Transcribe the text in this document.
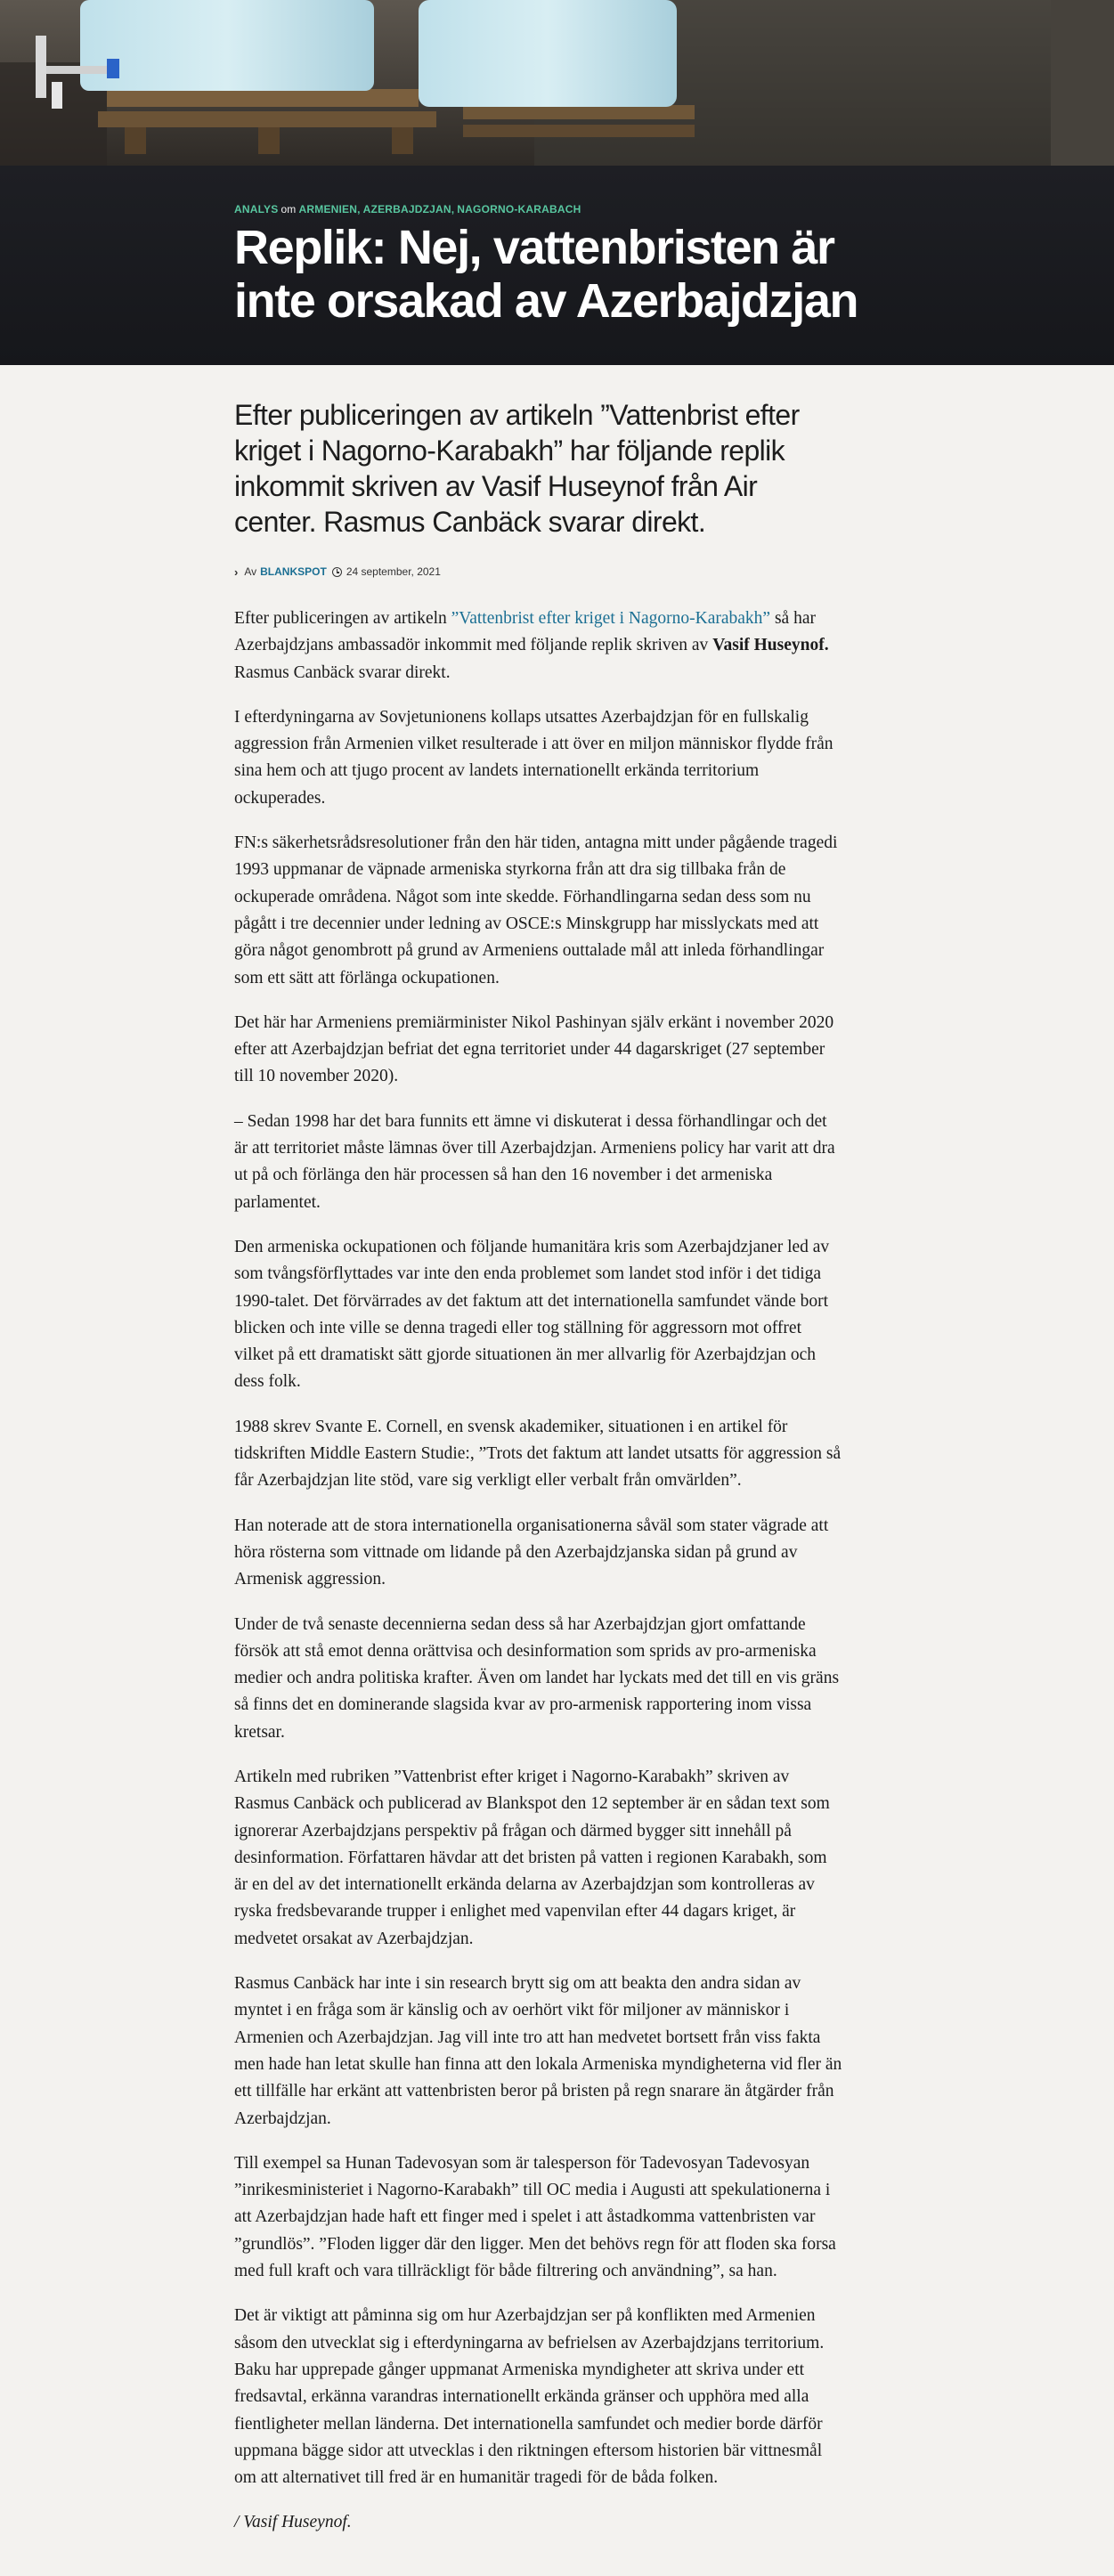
ANALYS om ARMENIEN, AZERBAJDZJAN, NAGORNO-KARABACH
Replik: Nej, vattenbristen är inte orsakad av Azerbajdzjan

Efter publiceringen av artikeln ”Vattenbrist efter kriget i Nagorno-Karabakh” har följande replik inkommit skriven av Vasif Huseynof från Air center. Rasmus Canbäck svarar direkt.

› Av BLANKSPOT 24 september, 2021

Efter publiceringen av artikeln ”Vattenbrist efter kriget i Nagorno-Karabakh” så har Azerbajdzjans ambassadör inkommit med följande replik skriven av Vasif Huseynof.  Rasmus Canbäck svarar direkt.

I efterdyningarna av Sovjetunionens kollaps utsattes Azerbajdzjan för en fullskalig aggression från Armenien vilket resulterade i att över en miljon människor flydde från sina hem och att tjugo procent av landets internationellt erkända territorium ockuperades.

FN:s säkerhetsrådsresolutioner från den här tiden, antagna mitt under pågående tragedi 1993 uppmanar de väpnade armeniska styrkorna från att dra sig tillbaka från de ockuperade områdena. Något som inte skedde. Förhandlingarna sedan dess som nu pågått i tre decennier under ledning av OSCE:s Minskgrupp har misslyckats med att göra något genombrott på grund av Armeniens outtalade mål att inleda förhandlingar som ett sätt att förlänga ockupationen.

Det här har Armeniens premiärminister Nikol Pashinyan själv erkänt i november 2020 efter att Azerbajdzjan befriat det egna territoriet under 44 dagarskriget (27 september till 10 november 2020).

– Sedan 1998 har det bara funnits ett ämne vi diskuterat i dessa förhandlingar och det är att territoriet måste lämnas över till Azerbajdzjan. Armeniens policy har varit att dra ut på och förlänga den här processen så han den 16 november i det armeniska parlamentet.

Den armeniska ockupationen och följande humanitära kris som Azerbajdzjaner led av som tvångsförflyttades var inte den enda problemet som landet stod inför i det tidiga 1990-talet. Det förvärrades av det faktum att det internationella samfundet vände bort blicken och inte ville se denna tragedi eller tog ställning för aggressorn mot offret vilket på ett dramatiskt sätt gjorde situationen än mer allvarlig för Azerbajdzjan och dess folk.

1988 skrev Svante E. Cornell, en svensk akademiker, situationen i en artikel för tidskriften Middle Eastern Studie:, ”Trots det faktum att landet utsatts för aggression så får Azerbajdzjan lite stöd, vare sig verkligt eller verbalt från omvärlden”.

Han noterade att de stora internationella organisationerna såväl som stater vägrade att höra rösterna som vittnade om lidande på den Azerbajdzjanska sidan på grund av Armenisk aggression.

Under de två senaste decennierna sedan dess så har Azerbajdzjan gjort omfattande försök att stå emot denna orättvisa och desinformation som sprids av pro-armeniska medier och andra politiska krafter. Även om landet har lyckats med det till en vis gräns så finns det en dominerande slagsida kvar av pro-armenisk rapportering inom vissa kretsar.

Artikeln med rubriken ”Vattenbrist efter kriget i Nagorno-Karabakh” skriven av Rasmus Canbäck och publicerad av Blankspot den 12 september är en sådan text som ignorerar Azerbajdzjans perspektiv på frågan och därmed bygger sitt innehåll på desinformation. Författaren hävdar att det bristen på vatten i regionen Karabakh, som är en del av det internationellt erkända delarna av Azerbajdzjan som kontrolleras av ryska fredsbevarande trupper i enlighet med vapenvilan efter 44 dagars kriget, är medvetet orsakat av Azerbajdzjan.

Rasmus Canbäck har inte i sin research brytt sig om att beakta den andra sidan av myntet i en fråga som är känslig och av oerhört vikt för miljoner av människor i Armenien och Azerbajdzjan. Jag vill inte tro att han medvetet bortsett från viss fakta men hade han letat skulle han finna att den lokala Armeniska myndigheterna vid fler än ett tillfälle har erkänt att vattenbristen beror på bristen på regn snarare än åtgärder från Azerbajdzjan.

Till exempel sa Hunan Tadevosyan som är talesperson för Tadevosyan Tadevosyan ”inrikesministeriet i Nagorno-Karabakh” till OC media i Augusti att spekulationerna i att Azerbajdzjan hade haft ett finger med i spelet i att åstadkomma vattenbristen var ”grundlös”. ”Floden ligger där den ligger. Men det behövs regn för att floden ska forsa med full kraft och vara tillräckligt för både filtrering och användning”, sa han.

Det är viktigt att påminna sig om hur Azerbajdzjan ser på konflikten med Armenien såsom den utvecklat sig i efterdyningarna av befrielsen av Azerbajdzjans territorium. Baku har upprepade gånger uppmanat Armeniska myndigheter att skriva under ett fredsavtal, erkänna varandras internationellt erkända gränser och upphöra med alla fientligheter mellan länderna. Det internationella samfundet och medier borde därför uppmana bägge sidor att utvecklas i den riktningen eftersom historien bär vittnesmål om att alternativet till fred är en humanitär tragedi för de båda folken.

/ Vasif Huseynof.
